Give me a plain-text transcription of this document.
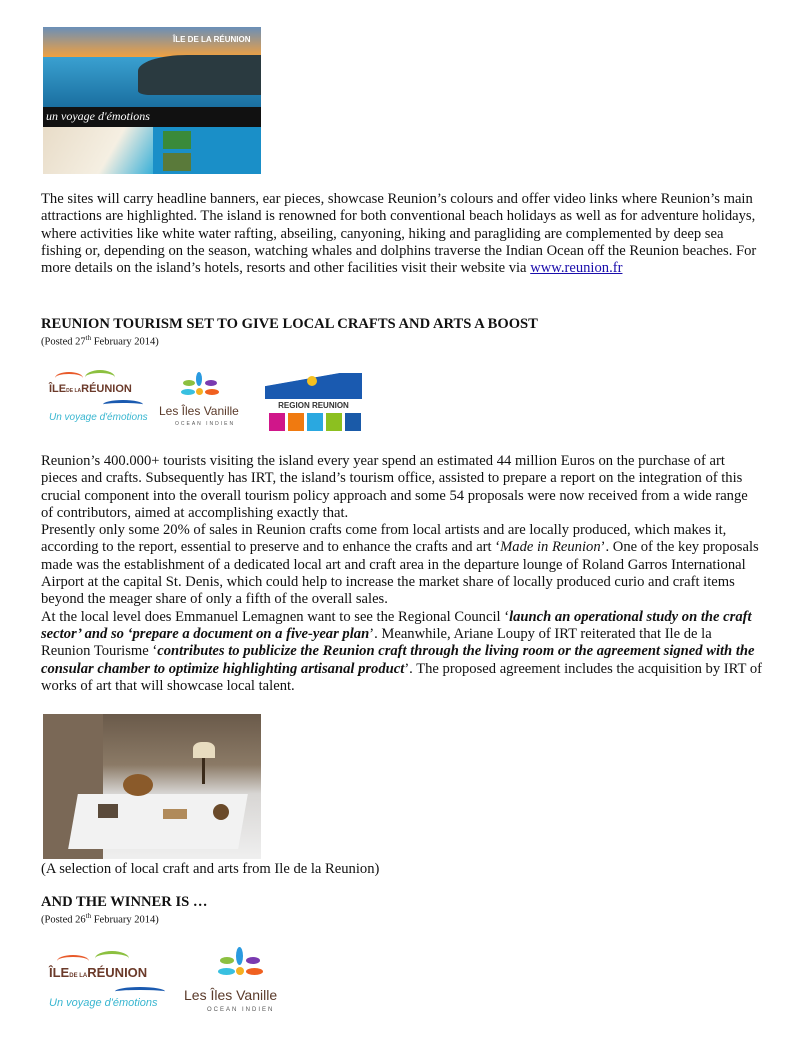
ÎLE DE LA RÉUNION
un voyage d'émotions

The sites will carry headline banners, ear pieces, showcase Reunion’s colours and offer video links where Reunion’s main attractions are highlighted. The island is renowned for both conventional beach holidays as well as for adventure holidays, where activities like white water rafting, abseiling, canyoning, hiking and paragliding are complemented by deep sea fishing or, depending on the season, watching whales and dolphins traverse the Indian Ocean off the Reunion beaches. For more details on the island’s hotels, resorts and other facilities visit their website via www.reunion.fr

REUNION TOURISM SET TO GIVE LOCAL CRAFTS AND ARTS A BOOST
(Posted 27th February 2014)
ÎLEDE LARÉUNION
Un voyage d'émotions Les Îles Vanille
OCEAN INDIEN
REGION REUNION
Reunion’s 400.000+ tourists visiting the island every year spend an estimated 44 million Euros on the purchase of art pieces and crafts. Subsequently has IRT, the island’s tourism office, assisted to prepare a report on the integration of this crucial component into the overall tourism policy approach and some 54 proposals were now received from a wide range of contributors, aimed at accomplishing exactly that.
Presently only some 20% of sales in Reunion crafts come from local artists and are locally produced, which makes it, according to the report, essential to preserve and to enhance the crafts and art ‘Made in Reunion’. One of the key proposals made was the establishment of a dedicated local art and craft area in the departure lounge of Roland Garros International Airport at the capital St. Denis, which could help to increase the market share of locally produced curio and craft items beyond the meager share of only a fifth of the overall sales.
At the local level does Emmanuel Lemagnen want to see the Regional Council ‘launch an operational study on the craft sector’ and so ‘prepare a document on a five-year plan’. Meanwhile, Ariane Loupy of IRT reiterated that Ile de la Reunion Tourisme ‘contributes to publicize the Reunion craft through the living room or the agreement signed with the consular chamber to optimize highlighting artisanal product’. The proposed agreement includes the acquisition by IRT of works of art that will showcase local talent.
(A selection of local craft and arts from Ile de la Reunion)
AND THE WINNER IS …
(Posted 26th February 2014)
ÎLEDE LARÉUNION
Un voyage d'émotions Les Îles Vanille
OCEAN INDIEN
